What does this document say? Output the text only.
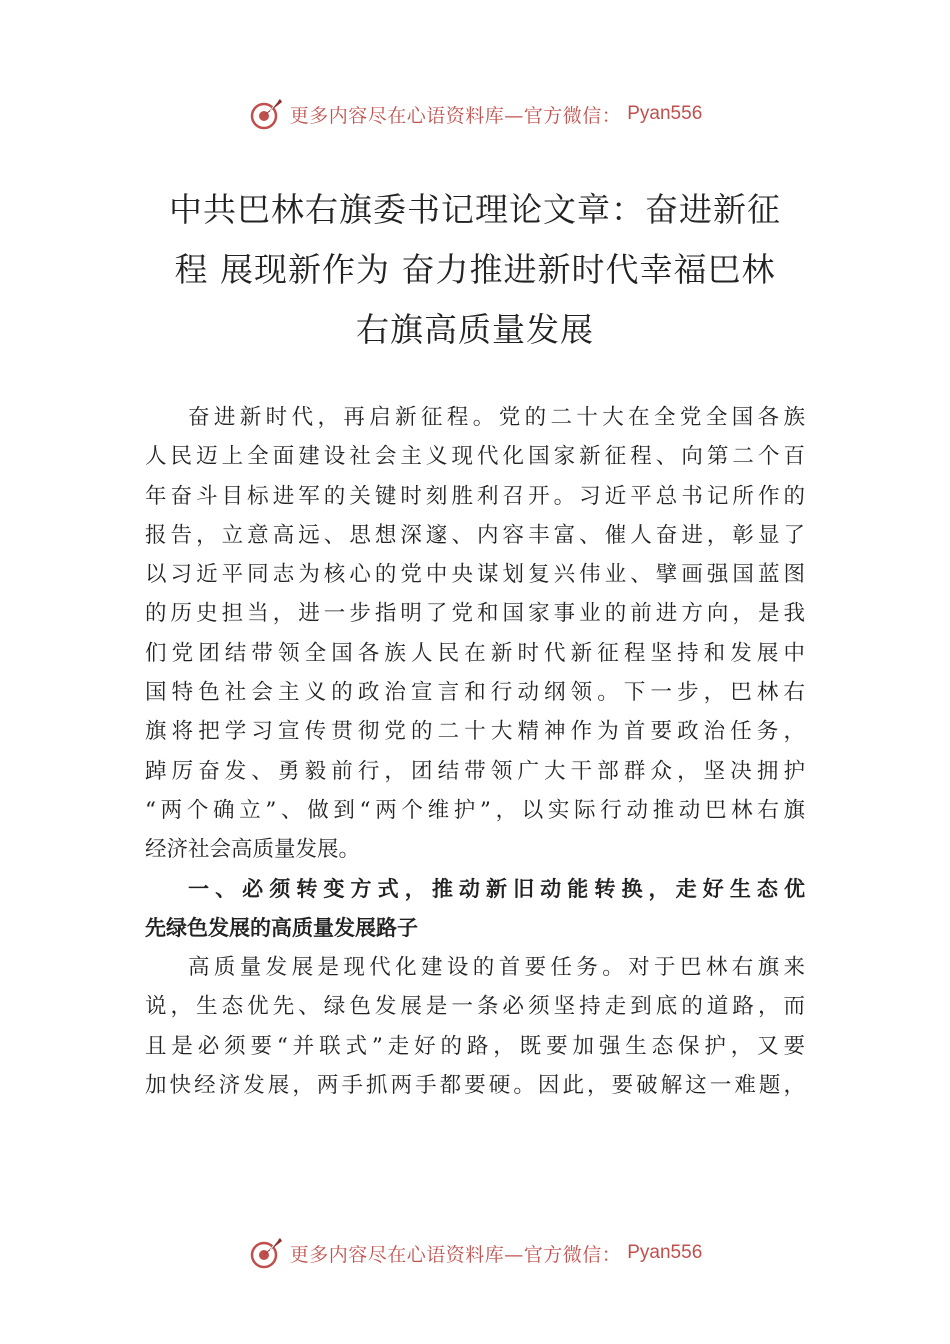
更多内容尽在心语资料库—官方微信： Pyan556
中共巴林右旗委书记理论文章：奋进新征
程 展现新作为 奋力推进新时代幸福巴林
右旗高质量发展
奋进新时代，再启新征程。党的二十大在全党全国各族
人民迈上全面建设社会主义现代化国家新征程、向第二个百
年奋斗目标进军的关键时刻胜利召开。习近平总书记所作的
报告，立意高远、思想深邃、内容丰富、催人奋进，彰显了
以习近平同志为核心的党中央谋划复兴伟业、擘画强国蓝图
的历史担当，进一步指明了党和国家事业的前进方向，是我
们党团结带领全国各族人民在新时代新征程坚持和发展中
国特色社会主义的政治宣言和行动纲领。下一步，巴林右
旗将把学习宣传贯彻党的二十大精神作为首要政治任务，
踔厉奋发、勇毅前行，团结带领广大干部群众，坚决拥护
“两个确立”、做到“两个维护”，以实际行动推动巴林右旗
经济社会高质量发展。
一、必须转变方式，推动新旧动能转换，走好生态优
先绿色发展的高质量发展路子
高质量发展是现代化建设的首要任务。对于巴林右旗来
说，生态优先、绿色发展是一条必须坚持走到底的道路，而
且是必须要“并联式”走好的路，既要加强生态保护，又要
加快经济发展，两手抓两手都要硬。因此，要破解这一难题，
更多内容尽在心语资料库—官方微信： Pyan556
